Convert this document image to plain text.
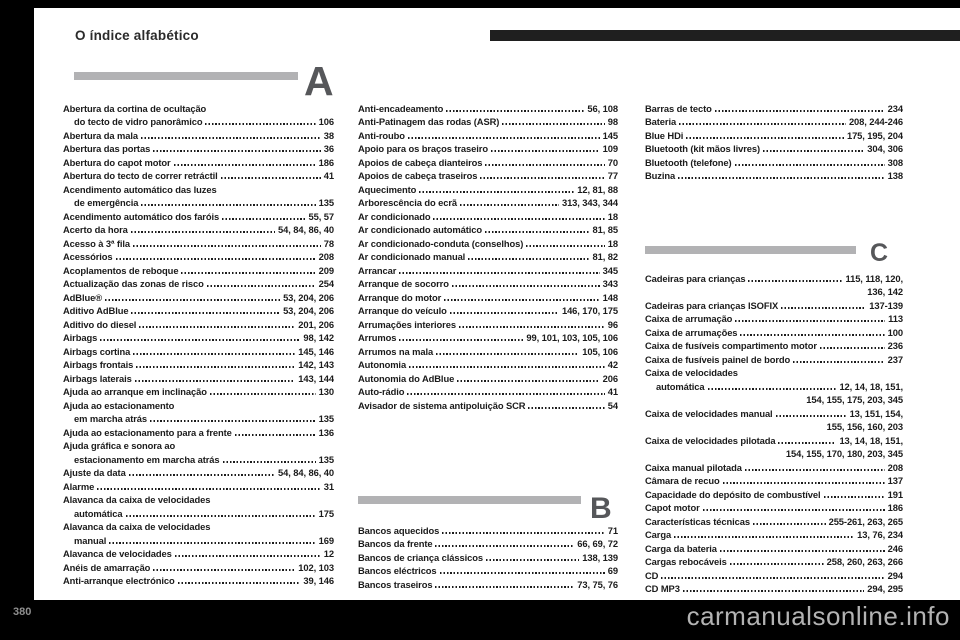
O índice alfabético
A
B
C
Abertura da cortina de ocultação
do tecto de vidro panorâmico	106
Abertura da mala	38
Abertura das portas	36
Abertura do capot motor	186
Abertura do tecto de correr retráctil	41
Acendimento automático das luzes
de emergência	135
Acendimento automático dos faróis	55, 57
Acerto da hora	54, 84, 86, 40
Acesso à 3ª fila	78
Acessórios	208
Acoplamentos de reboque	209
Actualização das zonas de risco	254
AdBlue®	53, 204, 206
Aditivo AdBlue	53, 204, 206
Aditivo do diesel	201, 206
Airbags	98, 142
Airbags cortina	145, 146
Airbags frontais	142, 143
Airbags laterais	143, 144
Ajuda ao arranque em inclinação	130
Ajuda ao estacionamento
em marcha atrás	135
Ajuda ao estacionamento para a frente	136
Ajuda gráfica e sonora ao
estacionamento em marcha atrás	135
Ajuste da data	54, 84, 86, 40
Alarme	31
Alavanca da caixa de velocidades
automática	175
Alavanca da caixa de velocidades
manual	169
Alavanca de velocidades	12
Anéis de amarração	102, 103
Anti-arranque electrónico	39, 146
Anti-encadeamento	56, 108
Anti-Patinagem das rodas (ASR)	98
Anti-roubo	145
Apoio para os braços traseiro	109
Apoios de cabeça dianteiros	70
Apoios de cabeça traseiros	77
Aquecimento	12, 81, 88
Arborescência do ecrã	313, 343, 344
Ar condicionado	18
Ar condicionado automático	81, 85
Ar condicionado-conduta (conselhos)	18
Ar condicionado manual	81, 82
Arrancar	345
Arranque de socorro	343
Arranque do motor	148
Arranque do veículo	146, 170, 175
Arrumações interiores	96
Arrumos	99, 101, 103, 105, 106
Arrumos na mala	105, 106
Autonomia	42
Autonomia do AdBlue	206
Auto-rádio	41
Avisador de sistema antipoluição SCR	54
Bancos aquecidos	71
Bancos da frente	66, 69, 72
Bancos de criança clássicos	138, 139
Bancos eléctricos	69
Bancos traseiros	73, 75, 76
Barras de tecto	234
Bateria	208, 244-246
Blue HDi	175, 195, 204
Bluetooth (kit mãos livres)	304, 306
Bluetooth (telefone)	308
Buzina	138
Cadeiras para crianças	115, 118, 120,
136, 142
Cadeiras para crianças ISOFIX	137-139
Caixa de arrumação	113
Caixa de arrumações	100
Caixa de fusíveis compartimento motor	236
Caixa de fusíveis painel de bordo	237
Caixa de velocidades
automática	12, 14, 18, 151,
154, 155, 175, 203, 345
Caixa de velocidades manual	13, 151, 154,
155, 156, 160, 203
Caixa de velocidades pilotada	13, 14, 18, 151,
154, 155, 170, 180, 203, 345
Caixa manual pilotada	208
Câmara de recuo	137
Capacidade do depósito de combustível	191
Capot motor	186
Características técnicas	255-261, 263, 265
Carga	13, 76, 234
Carga da bateria	246
Cargas rebocáveis	258, 260, 263, 266
CD	294
CD MP3	294, 295
380	carmanualsonline.info
